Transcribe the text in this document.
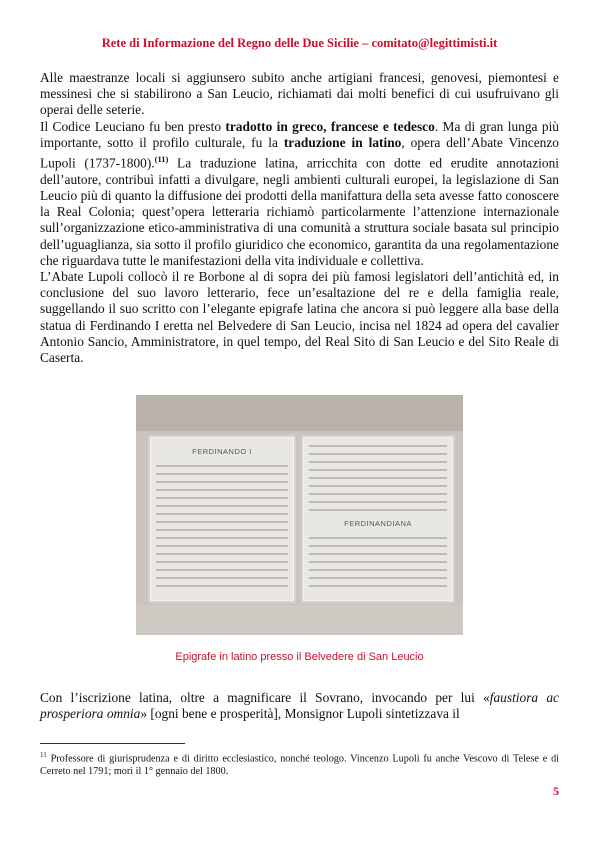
Rete di Informazione del Regno delle Due Sicilie – comitato@legittimisti.it

Alle maestranze locali si aggiunsero subito anche artigiani francesi, genovesi, piemontesi e messinesi che si stabilirono a San Leucio, richiamati dai molti benefici di cui usufruivano gli operai delle seterie.

Il Codice Leuciano fu ben presto tradotto in greco, francese e tedesco. Ma di gran lunga più importante, sotto il profilo culturale, fu la traduzione in latino, opera dell’Abate Vincenzo Lupoli (1737-1800).$^{(11)}$ La traduzione latina, arricchita con dotte ed erudite annotazioni dell’autore, contribuì infatti a divulgare, negli ambienti culturali europei, la legislazione di San Leucio più di quanto la diffusione dei prodotti della manifattura della seta avesse fatto conoscere la Real Colonia; quest’opera letteraria richiamò particolarmente l’attenzione internazionale sull’organizzazione etico-amministrativa di una comunità a struttura sociale basata sul principio dell’uguaglianza, sia sotto il profilo giuridico che economico, garantita da una regolamentazione che riguardava tutte le manifestazioni della vita individuale e collettiva.

L’Abate Lupoli collocò il re Borbone al di sopra dei più famosi legislatori dell’antichità ed, in conclusione del suo lavoro letterario, fece un’esaltazione del re e della famiglia reale, suggellando il suo scritto con l’elegante epigrafe latina che ancora si può leggere alla base della statua di Ferdinando I eretta nel Belvedere di San Leucio, incisa nel 1824 ad opera del cavalier Antonio Sancio, Amministratore, in quel tempo, del Real Sito di San Leucio e del Sito Reale di Caserta.

FERDINANDO I
FERDINANDIANA
Epigrafe in latino presso il Belvedere di San Leucio

Con l’iscrizione latina, oltre a magnificare il Sovrano, invocando per lui «faustiora ac prosperiora omnia» [ogni bene e prosperità], Monsignor Lupoli sintetizzava il

$^{11}$ Professore di giurisprudenza e di diritto ecclesiastico, nonché teologo. Vincenzo Lupoli fu anche Vescovo di Telese e di Cerreto nel 1791; morì il 1° gennaio del 1800.
5
